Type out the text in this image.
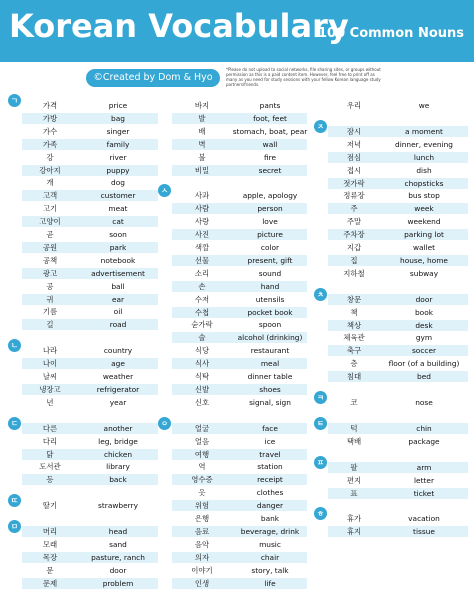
Korean Vocabulary
100 Common Nouns
©Created by Dom & Hyo
*Please do not upload to social networks, file sharing sites, or groups without permission as this is a paid content item. However, feel free to print off as many as you need for study sessions with your fellow Korean language study partners/friends.
ㄱ
가격	price
가방	bag
가수	singer
가족	family
강	river
강아지	puppy
개	dog
고객	customer
고기	meat
고양이	cat
곧	soon
공원	park
공책	notebook
광고	advertisement
공	ball
귀	ear
기름	oil
길	road
ㄴ
나라	country
나이	age
날씨	weather
냉장고	refrigerator
년	year
ㄷ
다른	another
다리	leg, bridge
닭	chicken
도서관	library
등	back
ㄸ
딸기	strawberry
ㅁ
머리	head
모래	sand
목장	pasture, ranch
문	door
문제	problem
바지	pants
발	foot, feet
배	stomach, boat, pear
벽	wall
불	fire
비밀	secret
ㅅ
사과	apple, apology
사람	person
사랑	love
사진	picture
색깔	color
선물	present, gift
소리	sound
손	hand
수저	utensils
수첩	pocket book
숟가락	spoon
술	alcohol (drinking)
식당	restaurant
식사	meal
식탁	dinner table
신발	shoes
신호	signal, sign
ㅇ
얼굴	face
얼음	ice
여행	travel
역	station
영수증	receipt
옷	clothes
위험	danger
은행	bank
음료	beverage, drink
음악	music
의자	chair
이야기	story, talk
인생	life
우리	we
ㅈ
잠시	a moment
저녁	dinner, evening
점심	lunch
접시	dish
젓가락	chopsticks
정류장	bus stop
주	week
주말	weekend
주차장	parking lot
지갑	wallet
집	house, home
지하철	subway
ㅊ
창문	door
책	book
책상	desk
체육관	gym
축구	soccer
층	floor (of a building)
침대	bed
ㅋ
코	nose
ㅌ
턱	chin
택배	package
ㅍ
팔	arm
편지	letter
표	ticket
ㅎ
휴가	vacation
휴지	tissue
